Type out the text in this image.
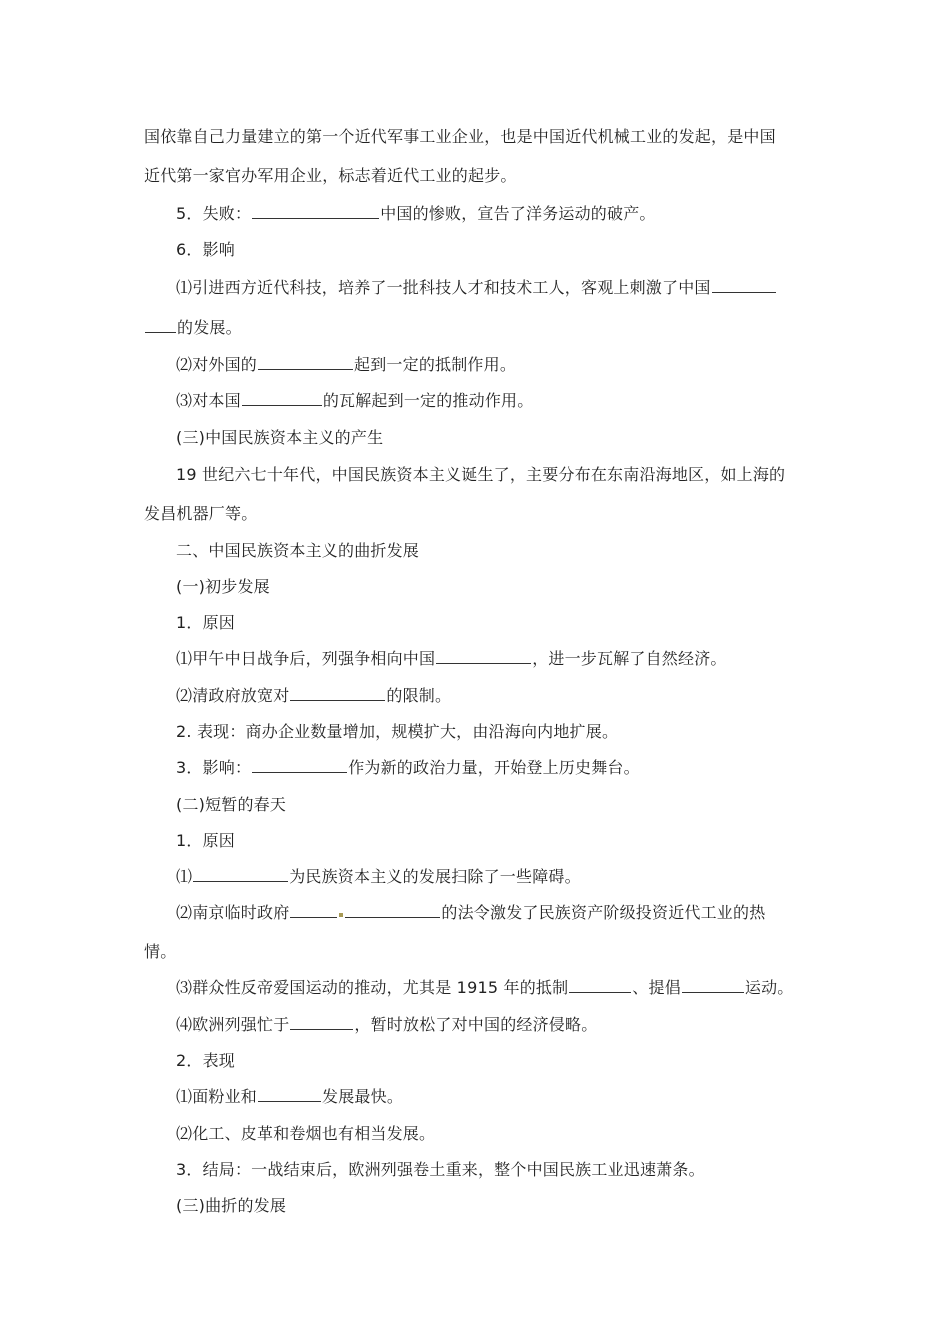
国依靠自己力量建立的第一个近代军事工业企业，也是中国近代机械工业的发起，是中国
近代第一家官办军用企业，标志着近代工业的起步。
5．失败：	中国的惨败，宣告了洋务运动的破产。
6．影响
⑴引进西方近代科技，培养了一批科技人才和技术工人，客观上刺激了中国
的发展。
⑵对外国的	起到一定的抵制作用。
⑶对本国	的瓦解起到一定的推动作用。
(三)中国民族资本主义的产生
19 世纪六七十年代，中国民族资本主义诞生了，主要分布在东南沿海地区，如上海的
发昌机器厂等。
二、中国民族资本主义的曲折发展
(一)初步发展
1．原因
⑴甲午中日战争后，列强争相向中国	，进一步瓦解了自然经济。
⑵清政府放宽对	的限制。
2. 表现：商办企业数量增加，规模扩大，由沿海向内地扩展。
3．影响：	作为新的政治力量，开始登上历史舞台。
(二)短暂的春天
1．原因
⑴	为民族资本主义的发展扫除了一些障碍。
⑵南京临时政府	的法令激发了民族资产阶级投资近代工业的热
情。
⑶群众性反帝爱国运动的推动，尤其是 1915 年的抵制	、提倡	运动。
⑷欧洲列强忙于	，暂时放松了对中国的经济侵略。
2．表现
⑴面粉业和	发展最快。
⑵化工、皮革和卷烟也有相当发展。
3．结局：一战结束后，欧洲列强卷土重来，整个中国民族工业迅速萧条。
(三)曲折的发展
